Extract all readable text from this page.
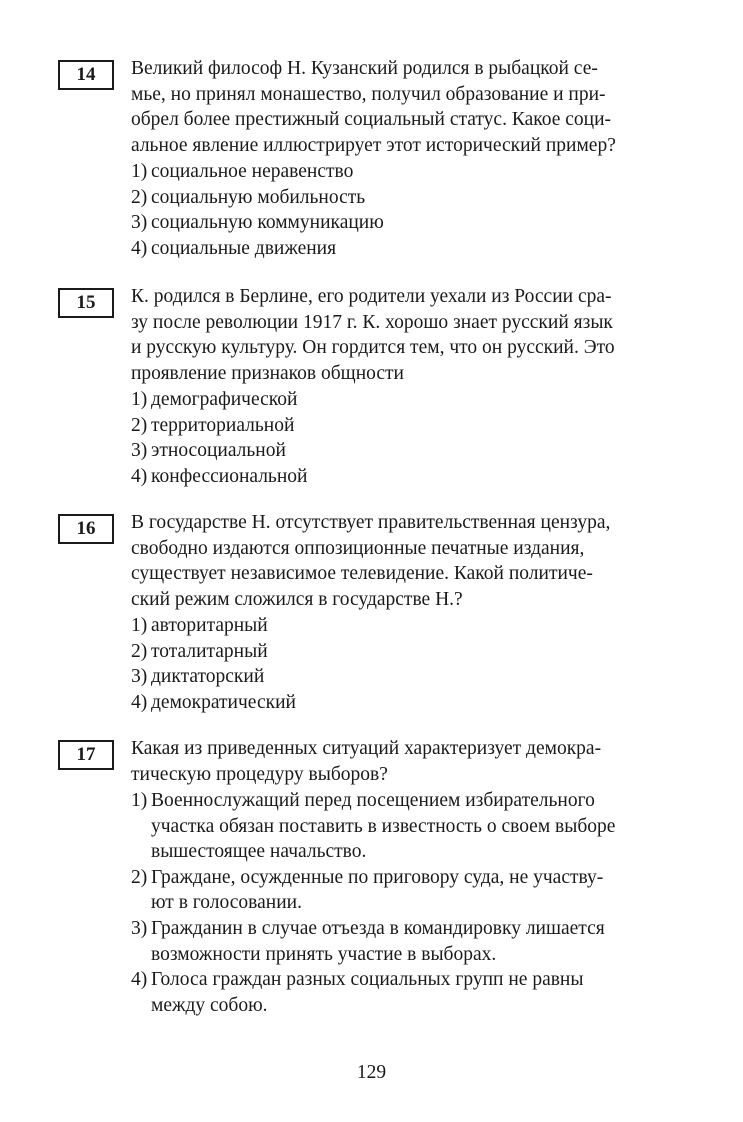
14	Великий философ Н. Кузанский родился в рыбацкой се-

мье, но принял монашество, получил образование и при-

обрел более престижный социальный статус. Какое соци-

альное явление иллюстрирует этот исторический пример?

1) социальное неравенство
2) социальную мобильность
3) социальную коммуникацию
4) социальные движения
15	К. родился в Берлине, его родители уехали из России сра-

зу после революции 1917 г. К. хорошо знает русский язык

и русскую культуру. Он гордится тем, что он русский. Это

проявление признаков общности

1) демографической
2) территориальной
3) этносоциальной
4) конфессиональной
16	В государстве Н. отсутствует правительственная цензура,

свободно издаются оппозиционные печатные издания,

существует независимое телевидение. Какой политиче-

ский режим сложился в государстве Н.?

1) авторитарный
2) тоталитарный
3) диктаторский
4) демократический
17	Какая из приведенных ситуаций характеризует демокра-

тическую процедуру выборов?

1) Военнослужащий перед посещением избирательного
участка обязан поставить в известность о своем выборе
вышестоящее начальство.
2) Граждане, осужденные по приговору суда, не участву-
ют в голосовании.
3) Гражданин в случае отъезда в командировку лишается
возможности принять участие в выборах.
4) Голоса граждан разных социальных групп не равны
между собою.
129
